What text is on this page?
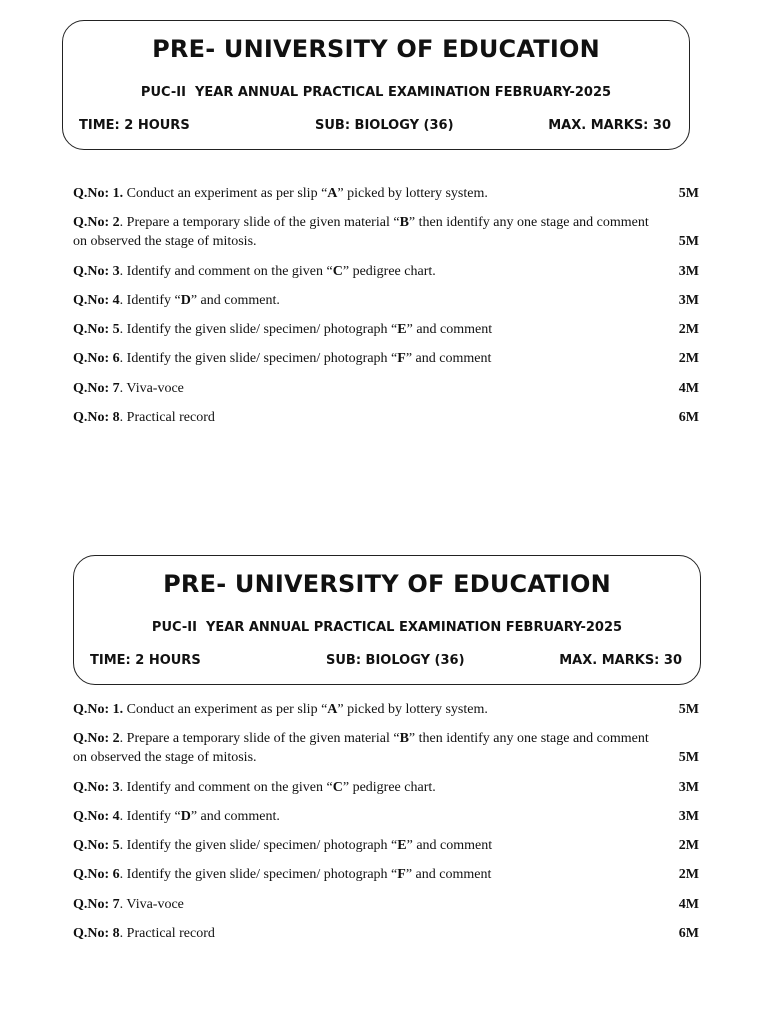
PRE- UNIVERSITY OF EDUCATION
PUC-II  YEAR ANNUAL PRACTICAL EXAMINATION FEBRUARY-2025
TIME: 2 HOURS	SUB: BIOLOGY (36)	MAX. MARKS: 30
Q.No: 1. Conduct an experiment as per slip “A” picked by lottery system.	5M
Q.No: 2. Prepare a temporary slide of the given material “B” then identify any one stage and comment on observed the stage of mitosis.	5M
Q.No: 3. Identify and comment on the given “C” pedigree chart.	3M
Q.No: 4. Identify “D” and comment.	3M
Q.No: 5. Identify the given slide/ specimen/ photograph “E” and comment	2M
Q.No: 6. Identify the given slide/ specimen/ photograph “F” and comment	2M
Q.No: 7. Viva-voce	4M
Q.No: 8. Practical record	6M
PRE- UNIVERSITY OF EDUCATION
PUC-II  YEAR ANNUAL PRACTICAL EXAMINATION FEBRUARY-2025
TIME: 2 HOURS	SUB: BIOLOGY (36)	MAX. MARKS: 30
Q.No: 1. Conduct an experiment as per slip “A” picked by lottery system.	5M
Q.No: 2. Prepare a temporary slide of the given material “B” then identify any one stage and comment on observed the stage of mitosis.	5M
Q.No: 3. Identify and comment on the given “C” pedigree chart.	3M
Q.No: 4. Identify “D” and comment.	3M
Q.No: 5. Identify the given slide/ specimen/ photograph “E” and comment	2M
Q.No: 6. Identify the given slide/ specimen/ photograph “F” and comment	2M
Q.No: 7. Viva-voce	4M
Q.No: 8. Practical record	6M
